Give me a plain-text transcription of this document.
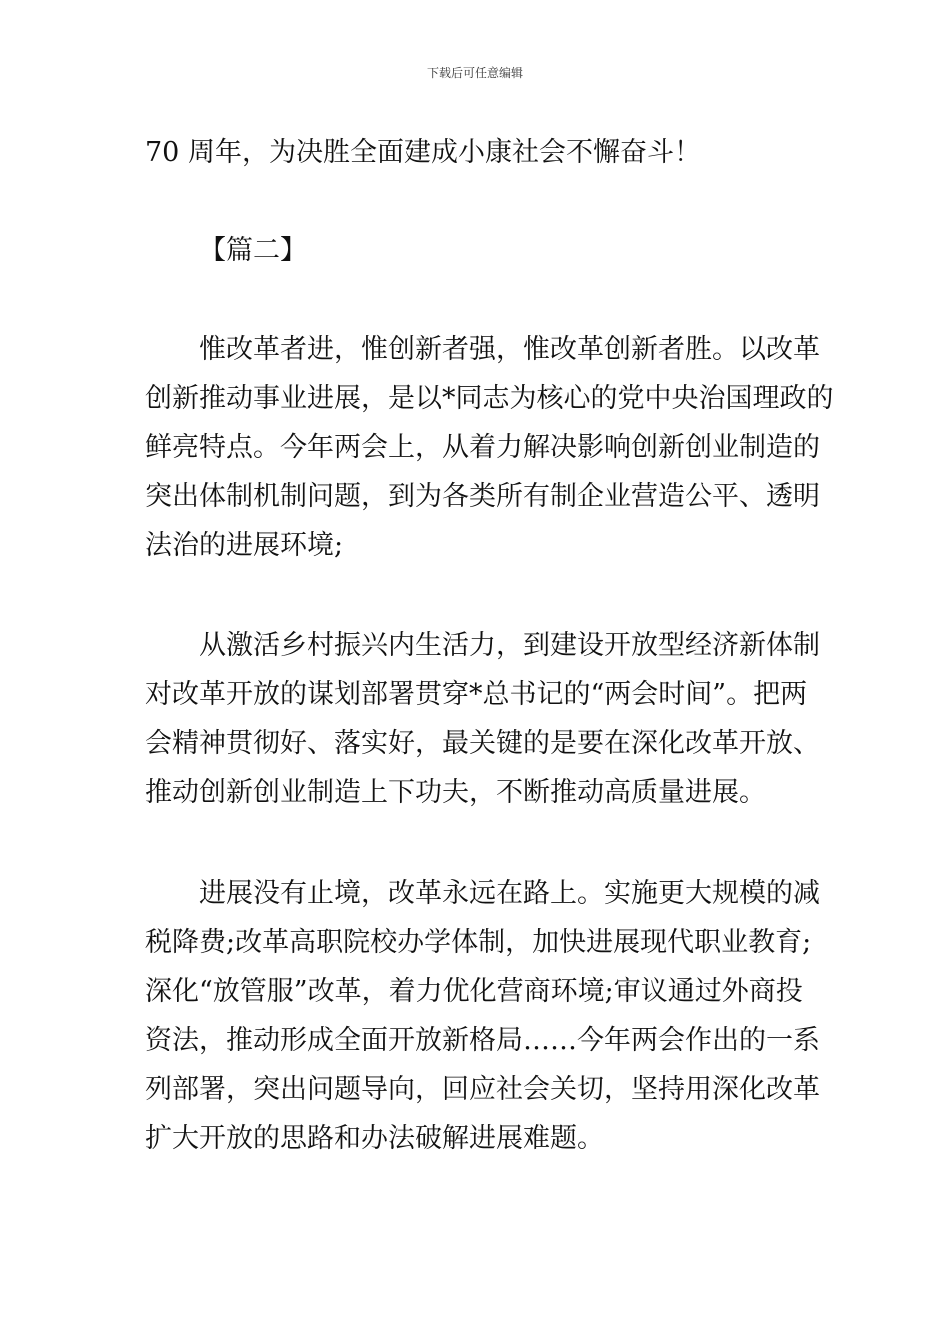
下载后可任意编辑
70 周年，为决胜全面建成小康社会不懈奋斗！
【篇二】
惟改革者进，惟创新者强，惟改革创新者胜。以改革
创新推动事业进展，是以*同志为核心的党中央治国理政的
鲜亮特点。今年两会上，从着力解决影响创新创业制造的
突出体制机制问题，到为各类所有制企业营造公平、透明
法治的进展环境;
从激活乡村振兴内生活力，到建设开放型经济新体制
对改革开放的谋划部署贯穿*总书记的“两会时间”。把两
会精神贯彻好、落实好，最关键的是要在深化改革开放、
推动创新创业制造上下功夫，不断推动高质量进展。
进展没有止境，改革永远在路上。实施更大规模的减
税降费;改革高职院校办学体制，加快进展现代职业教育;
深化“放管服”改革，着力优化营商环境;审议通过外商投
资法，推动形成全面开放新格局……今年两会作出的一系
列部署，突出问题导向，回应社会关切，坚持用深化改革
扩大开放的思路和办法破解进展难题。
